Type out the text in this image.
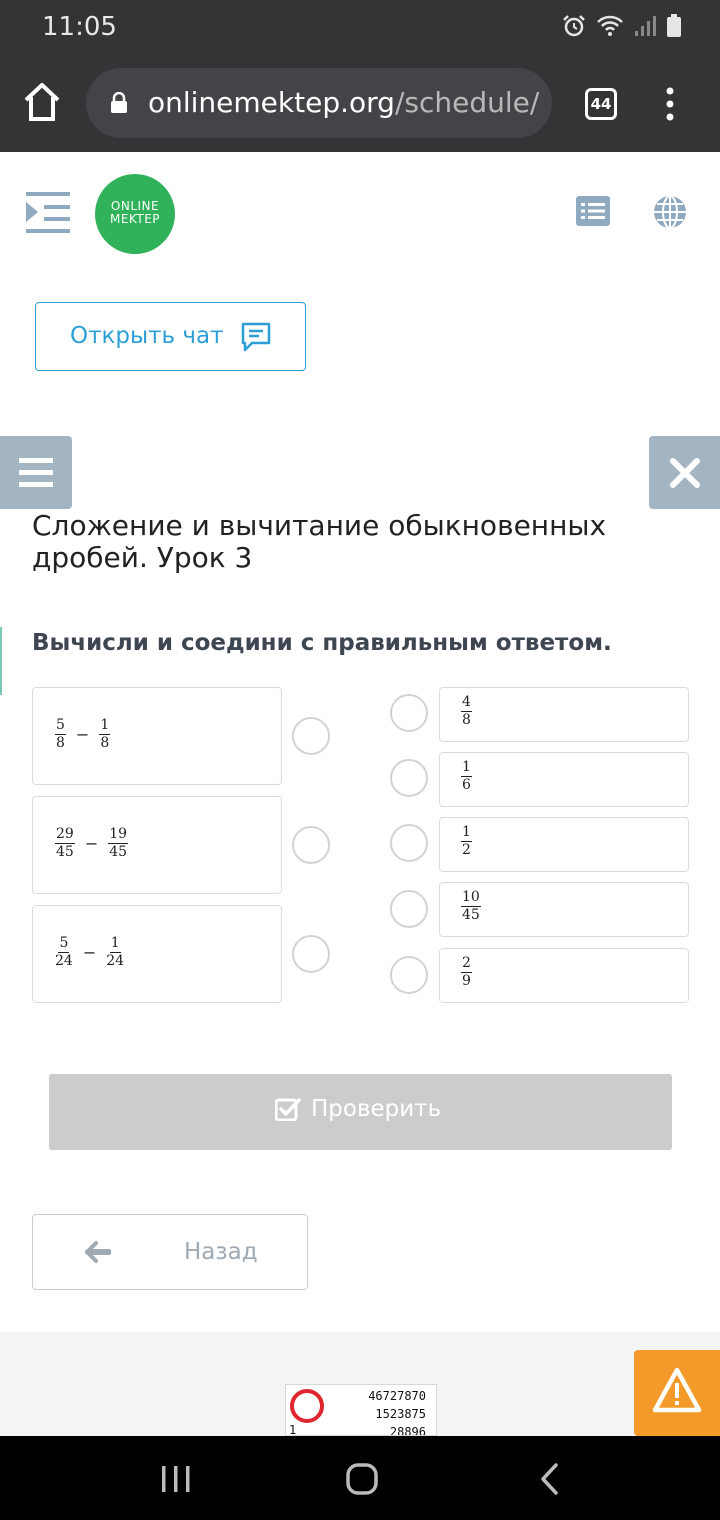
11:05
onlinemektep.org/schedule/	44
ONLINE
MEKTEP
Открыть чат
Сложение и вычитание обыкновенных дробей. Урок 3
Вычисли и соедини с правильным ответом.
$\frac{5}{8} - \frac{1}{8}$
$\frac{29}{45} - \frac{19}{45}$
$\frac{5}{24} - \frac{1}{24}$
$\frac{4}{8}$
$\frac{1}{6}$
$\frac{1}{2}$
$\frac{10}{45}$
$\frac{2}{9}$
Проверить
Назад
46727870
1523875
28896
1
